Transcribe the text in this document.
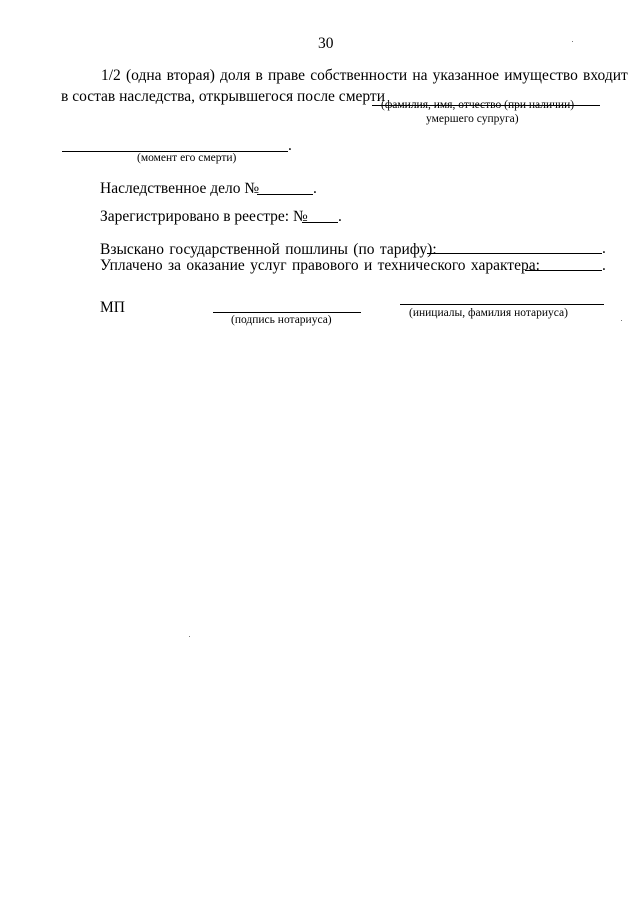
30
1/2 (одна вторая) доля в праве собственности на указанное имущество входит
в состав наследства, открывшегося после смерти
(фамилия, имя, отчество (при наличии)
умершего супруга)
.
(момент его смерти)
Наследственное дело №	.
Зарегистрировано в реестре: № .
Взыскано государственной пошлины (по тарифу):	.
Уплачено за оказание услуг правового и технического характера:	.
МП
(подпись нотариуса)
(инициалы, фамилия нотариуса)
